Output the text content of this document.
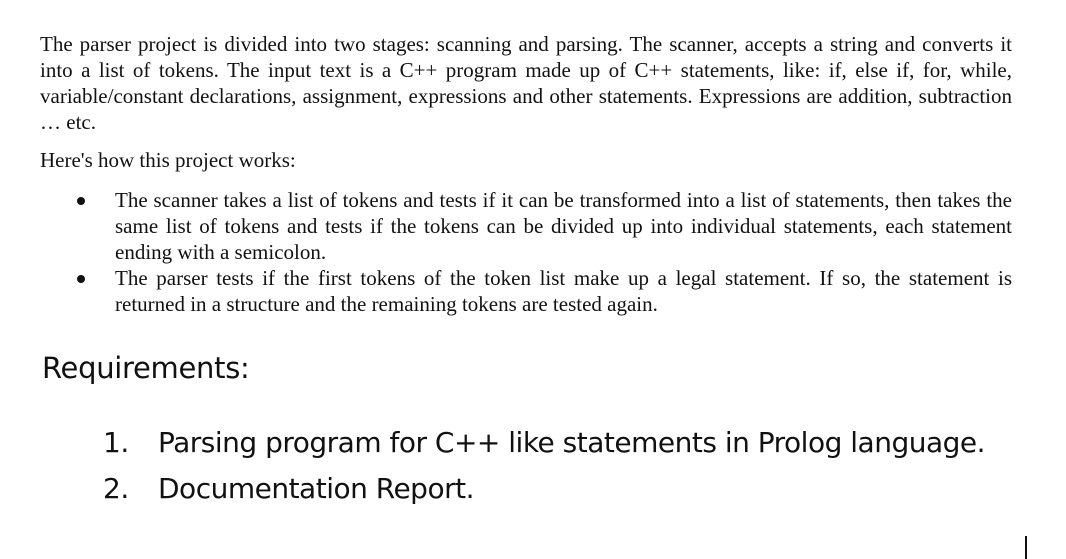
The parser project is divided into two stages: scanning and parsing. The scanner, accepts a string and converts it into a list of tokens. The input text is a C++ program made up of C++ statements, like: if, else if, for, while, variable/constant declarations, assignment, expressions and other statements. Expressions are addition, subtraction … etc.

Here's how this project works:

The scanner takes a list of tokens and tests if it can be transformed into a list of statements, then takes the same list of tokens and tests if the tokens can be divided up into individual statements, each statement ending with a semicolon.
The parser tests if the first tokens of the token list make up a legal statement. If so, the statement is returned in a structure and the remaining tokens are tested again.
Requirements:
1. Parsing program for C++ like statements in Prolog language.
2. Documentation Report.
